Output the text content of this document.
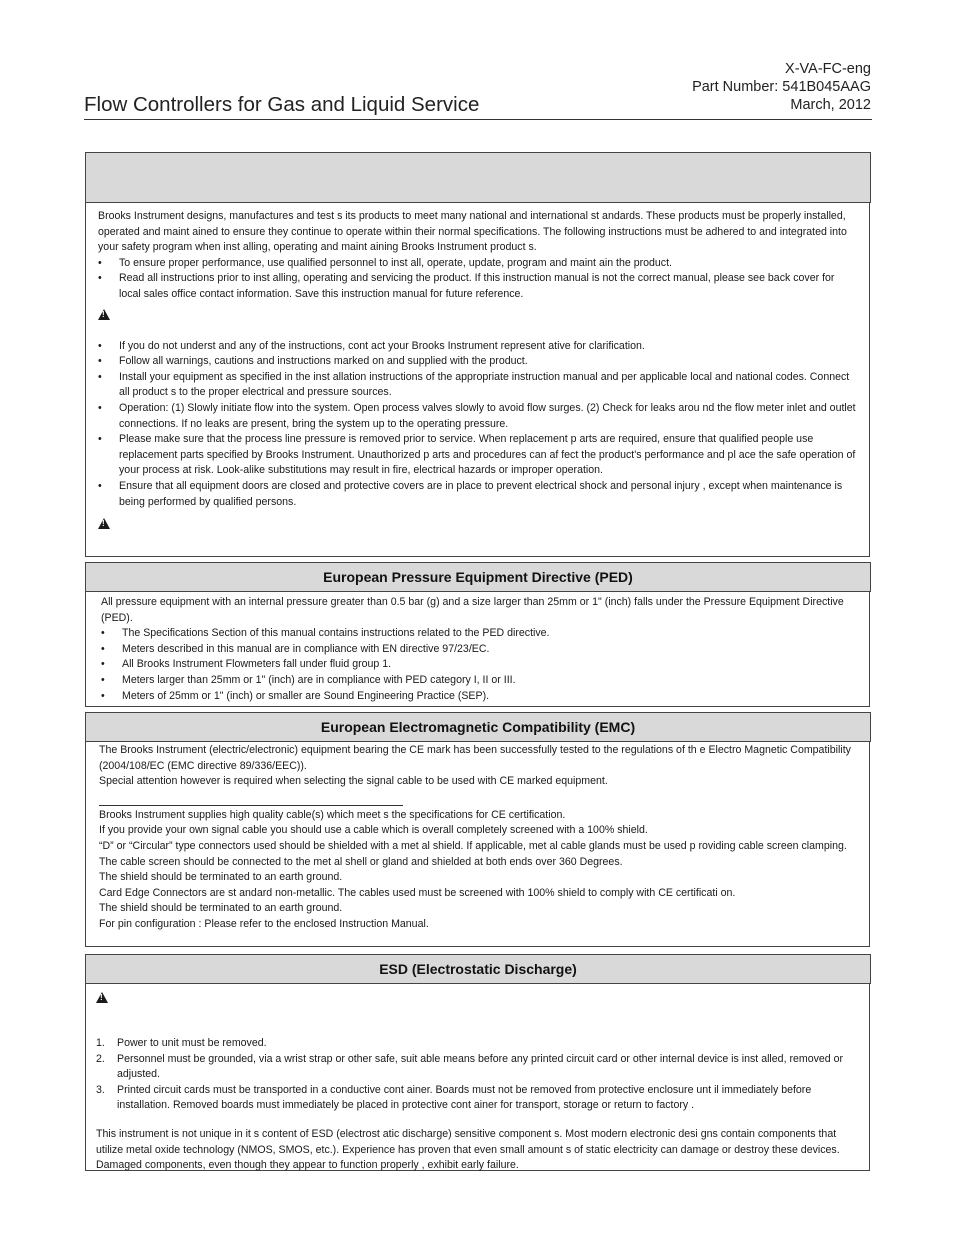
X-VA-FC-eng
Part Number: 541B045AAG
March, 2012
Flow Controllers for Gas and Liquid Service
Brooks Instrument designs, manufactures and test s its products to meet many national and international st andards. These products must be properly installed, operated and maint ained to ensure they continue to operate within their normal specifications. The following instructions must be adhered to and integrated into your safety program when inst alling, operating and maint aining Brooks Instrument product s.
• To ensure proper performance, use qualified personnel to inst all, operate, update, program and maint ain the product.
• Read all instructions prior to inst alling, operating and servicing the product. If this instruction manual is not the correct manual, please see back cover for local sales office contact information. Save this instruction manual for future reference.
!
• If you do not underst and any of the instructions, cont act your Brooks Instrument represent ative for clarification.
• Follow all warnings, cautions and instructions marked on and supplied with the product.
• Install your equipment as specified in the inst allation instructions of the appropriate instruction manual and per applicable local and national codes. Connect all product s to the proper electrical and pressure sources.
• Operation: (1) Slowly initiate flow into the system. Open process valves slowly to avoid flow surges. (2) Check for leaks arou nd the flow meter inlet and outlet connections. If no leaks are present, bring the system up to the operating pressure.
• Please make sure that the process line pressure is removed prior to service. When replacement p arts are required, ensure that qualified people use replacement parts specified by Brooks Instrument. Unauthorized p arts and procedures can af fect the product's performance and pl ace the safe operation of your process at risk. Look-alike substitutions may result in fire, electrical hazards or improper operation.
• Ensure that all equipment doors are closed and protective covers are in place to prevent electrical shock and personal injury , except when maintenance is being performed by qualified persons.
!
European Pressure Equipment Directive (PED)
All pressure equipment with an internal pressure greater than 0.5 bar (g) and a size larger than 25mm or 1" (inch) falls under the Pressure Equipment Directive (PED).
• The Specifications Section of this manual contains instructions related to the PED directive.
• Meters described in this manual are in compliance with EN directive 97/23/EC.
• All Brooks Instrument Flowmeters fall under fluid group 1.
• Meters larger than 25mm or 1" (inch) are in compliance with PED category I, II or III.
• Meters of 25mm or 1" (inch) or smaller are Sound Engineering Practice (SEP).
European Electromagnetic Compatibility (EMC)
The Brooks Instrument (electric/electronic) equipment bearing the CE mark has been successfully tested to the regulations of th e Electro Magnetic Compatibility (2004/108/EC (EMC directive 89/336/EEC)).
Special attention however is required when selecting the signal cable to be used with CE marked equipment.
Brooks Instrument supplies high quality cable(s) which meet s the specifications for CE certification.
If you provide your own signal cable you should use a cable which is overall completely screened with a 100% shield.
“D” or “Circular” type connectors used should be shielded with a met al shield. If applicable, met al cable glands must be used p roviding cable screen clamping.
The cable screen should be connected to the met al shell or gland and shielded at both ends over 360 Degrees.
The shield should be terminated to an earth ground.
Card Edge Connectors are st andard non-metallic. The cables used must be screened with 100% shield to comply with CE certificati on.
The shield should be terminated to an earth ground.
For pin configuration : Please refer to the enclosed Instruction Manual.
ESD (Electrostatic Discharge)
!
1. Power to unit must be removed.
2. Personnel must be grounded, via a wrist strap or other safe, suit able means before any printed circuit card or other internal device is inst alled, removed or adjusted.
3. Printed circuit cards must be transported in a conductive cont ainer. Boards must not be removed from protective enclosure unt il immediately before installation. Removed boards must immediately be placed in protective cont ainer for transport, storage or return to factory .
This instrument is not unique in it s content of ESD (electrost atic discharge) sensitive component s. Most modern electronic desi gns contain components that utilize metal oxide technology (NMOS, SMOS, etc.). Experience has proven that even small amount s of static electricity can damage or destroy these devices. Damaged components, even though they appear to function properly , exhibit early failure.
